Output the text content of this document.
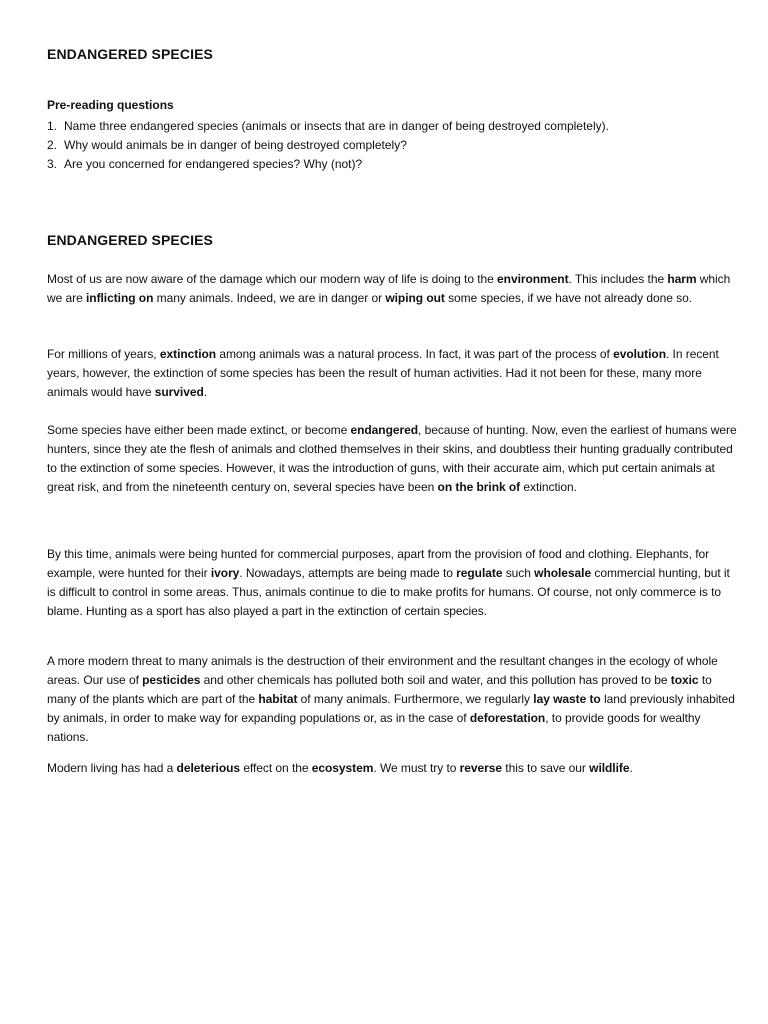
ENDANGERED SPECIES

Pre-reading questions

1. Name three endangered species (animals or insects that are in danger of being destroyed completely).
2. Why would animals be in danger of being destroyed completely?
3. Are you concerned for endangered species? Why (not)?
ENDANGERED SPECIES

Most of us are now aware of the damage which our modern way of life is doing to the environment. This includes the harm which we are inflicting on many animals. Indeed, we are in danger or wiping out some species, if we have not already done so.

For millions of years, extinction among animals was a natural process. In fact, it was part of the process of evolution. In recent years, however, the extinction of some species has been the result of human activities. Had it not been for these, many more animals would have survived.

Some species have either been made extinct, or become endangered, because of hunting. Now, even the earliest of humans were hunters, since they ate the flesh of animals and clothed themselves in their skins, and doubtless their hunting gradually contributed to the extinction of some species. However, it was the introduction of guns, with their accurate aim, which put certain animals at great risk, and from the nineteenth century on, several species have been on the brink of extinction.

By this time, animals were being hunted for commercial purposes, apart from the provision of food and clothing. Elephants, for example, were hunted for their ivory. Nowadays, attempts are being made to regulate such wholesale commercial hunting, but it is difficult to control in some areas. Thus, animals continue to die to make profits for humans. Of course, not only commerce is to blame. Hunting as a sport has also played a part in the extinction of certain species.

A more modern threat to many animals is the destruction of their environment and the resultant changes in the ecology of whole areas. Our use of pesticides and other chemicals has polluted both soil and water, and this pollution has proved to be toxic to many of the plants which are part of the habitat of many animals. Furthermore, we regularly lay waste to land previously inhabited by animals, in order to make way for expanding populations or, as in the case of deforestation, to provide goods for wealthy nations.

Modern living has had a deleterious effect on the ecosystem. We must try to reverse this to save our wildlife.
